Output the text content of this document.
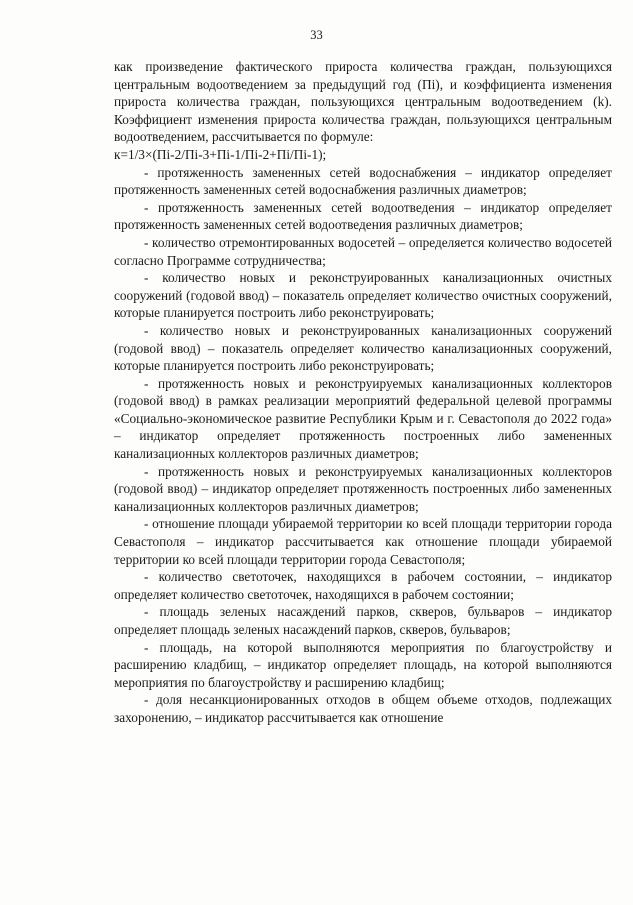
33

как произведение фактического прироста количества граждан, пользующихся центральным водоотведением за предыдущий год (Пi), и коэффициента изменения прироста количества граждан, пользующихся центральным водоотведением (k). Коэффициент изменения прироста количества граждан, пользующихся центральным водоотведением, рассчитывается по формуле:

к=1/3×(Пi-2/Пi-3+Пi-1/Пi-2+Пi/Пi-1);

- протяженность замененных сетей водоснабжения – индикатор определяет протяженность замененных сетей водоснабжения различных диаметров;

- протяженность замененных сетей водоотведения – индикатор определяет протяженность замененных сетей водоотведения различных диаметров;

- количество отремонтированных водосетей – определяется количество водосетей согласно Программе сотрудничества;

- количество новых и реконструированных канализационных очистных сооружений (годовой ввод) – показатель определяет количество очистных сооружений, которые планируется построить либо реконструировать;

- количество новых и реконструированных канализационных сооружений (годовой ввод) – показатель определяет количество канализационных сооружений, которые планируется построить либо реконструировать;

- протяженность новых и реконструируемых канализационных коллекторов (годовой ввод) в рамках реализации мероприятий федеральной целевой программы «Социально-экономическое развитие Республики Крым и г. Севастополя до 2022 года» – индикатор определяет протяженность построенных либо замененных канализационных коллекторов различных диаметров;

- протяженность новых и реконструируемых канализационных коллекторов (годовой ввод) – индикатор определяет протяженность построенных либо замененных канализационных коллекторов различных диаметров;

- отношение площади убираемой территории ко всей площади территории города Севастополя – индикатор рассчитывается как отношение площади убираемой территории ко всей площади территории города Севастополя;

- количество светоточек, находящихся в рабочем состоянии, – индикатор определяет количество светоточек, находящихся в рабочем состоянии;

- площадь зеленых насаждений парков, скверов, бульваров – индикатор определяет площадь зеленых насаждений парков, скверов, бульваров;

- площадь, на которой выполняются мероприятия по благоустройству и расширению кладбищ, – индикатор определяет площадь, на которой выполняются мероприятия по благоустройству и расширению кладбищ;

- доля несанкционированных отходов в общем объеме отходов, подлежащих захоронению, – индикатор рассчитывается как отношение
